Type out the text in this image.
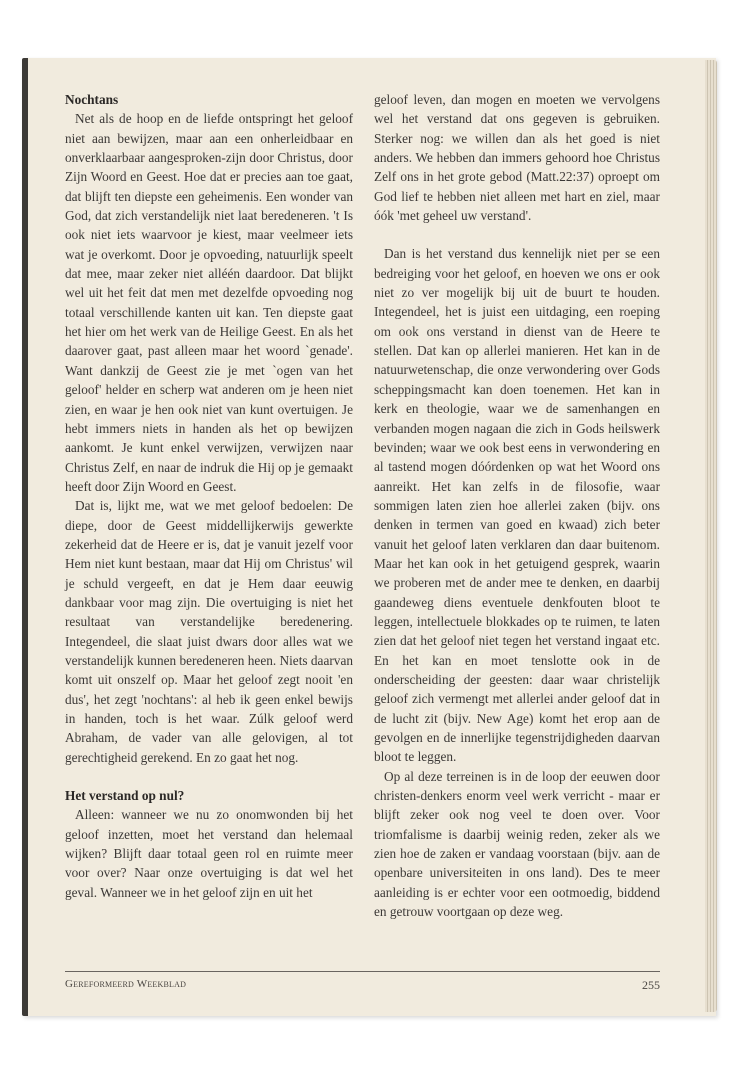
Nochtans

Net als de hoop en de liefde ontspringt het geloof niet aan bewijzen, maar aan een onherleidbaar en onverklaarbaar aangesproken-zijn door Christus, door Zijn Woord en Geest. Hoe dat er precies aan toe gaat, dat blijft ten diepste een geheimenis. Een wonder van God, dat zich verstandelijk niet laat beredeneren. 't Is ook niet iets waarvoor je kiest, maar veelmeer iets wat je overkomt. Door je opvoeding, natuurlijk speelt dat mee, maar zeker niet alléén daardoor. Dat blijkt wel uit het feit dat men met dezelfde opvoeding nog totaal verschillende kanten uit kan. Ten diepste gaat het hier om het werk van de Heilige Geest. En als het daarover gaat, past alleen maar het woord `genade'. Want dankzij de Geest zie je met `ogen van het geloof' helder en scherp wat anderen om je heen niet zien, en waar je hen ook niet van kunt overtuigen. Je hebt immers niets in handen als het op bewijzen aankomt. Je kunt enkel verwijzen, verwijzen naar Christus Zelf, en naar de indruk die Hij op je gemaakt heeft door Zijn Woord en Geest.

Dat is, lijkt me, wat we met geloof bedoelen: De diepe, door de Geest middellijkerwijs gewerkte zekerheid dat de Heere er is, dat je vanuit jezelf voor Hem niet kunt bestaan, maar dat Hij om Christus' wil je schuld vergeeft, en dat je Hem daar eeuwig dankbaar voor mag zijn. Die overtuiging is niet het resultaat van verstandelijke beredenering. Integendeel, die slaat juist dwars door alles wat we verstandelijk kunnen beredeneren heen. Niets daarvan komt uit onszelf op. Maar het geloof zegt nooit 'en dus', het zegt 'nochtans': al heb ik geen enkel bewijs in handen, toch is het waar. Zúlk geloof werd Abraham, de vader van alle gelovigen, al tot gerechtigheid gerekend. En zo gaat het nog.

Het verstand op nul?

Alleen: wanneer we nu zo onomwonden bij het geloof inzetten, moet het verstand dan helemaal wijken? Blijft daar totaal geen rol en ruimte meer voor over? Naar onze overtuiging is dat wel het geval. Wanneer we in het geloof zijn en uit het

geloof leven, dan mogen en moeten we vervolgens wel het verstand dat ons gegeven is gebruiken. Sterker nog: we willen dan als het goed is niet anders. We hebben dan immers gehoord hoe Christus Zelf ons in het grote gebod (Matt.22:37) oproept om God lief te hebben niet alleen met hart en ziel, maar óók 'met geheel uw verstand'.

Dan is het verstand dus kennelijk niet per se een bedreiging voor het geloof, en hoeven we ons er ook niet zo ver mogelijk bij uit de buurt te houden. Integendeel, het is juist een uitdaging, een roeping om ook ons verstand in dienst van de Heere te stellen. Dat kan op allerlei manieren. Het kan in de natuurwetenschap, die onze verwondering over Gods scheppingsmacht kan doen toenemen. Het kan in kerk en theologie, waar we de samenhangen en verbanden mogen nagaan die zich in Gods heilswerk bevinden; waar we ook best eens in verwondering en al tastend mogen dóórdenken op wat het Woord ons aanreikt. Het kan zelfs in de filosofie, waar sommigen laten zien hoe allerlei zaken (bijv. ons denken in termen van goed en kwaad) zich beter vanuit het geloof laten verklaren dan daar buitenom. Maar het kan ook in het getuigend gesprek, waarin we proberen met de ander mee te denken, en daarbij gaandeweg diens eventuele denkfouten bloot te leggen, intellectuele blokkades op te ruimen, te laten zien dat het geloof niet tegen het verstand ingaat etc. En het kan en moet tenslotte ook in de onderscheiding der geesten: daar waar christelijk geloof zich vermengt met allerlei ander geloof dat in de lucht zit (bijv. New Age) komt het erop aan de gevolgen en de innerlijke tegenstrijdigheden daarvan bloot te leggen.

Op al deze terreinen is in de loop der eeuwen door christen-denkers enorm veel werk verricht - maar er blijft zeker ook nog veel te doen over. Voor triomfalisme is daarbij weinig reden, zeker als we zien hoe de zaken er vandaag voorstaan (bijv. aan de openbare universiteiten in ons land). Des te meer aanleiding is er echter voor een ootmoedig, biddend en getrouw voortgaan op deze weg.

Gereformeerd Weekblad	255
